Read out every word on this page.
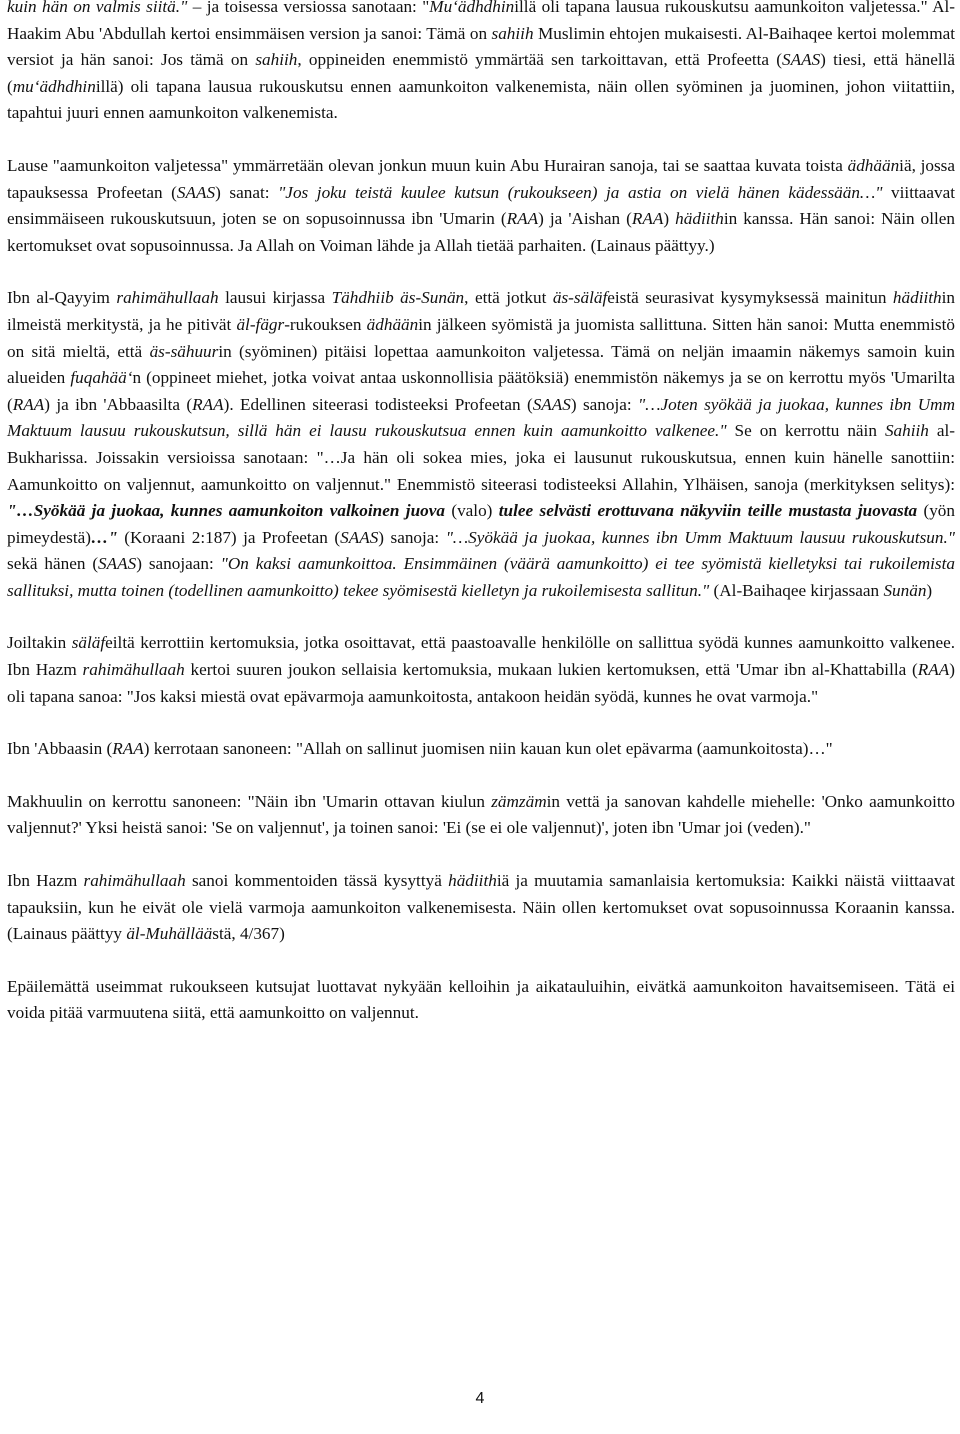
kuin hän on valmis siitä." – ja toisessa versiossa sanotaan: "Mu‘ädhdhinillä oli tapana lausua rukouskutsu aamunkoiton valjetessa." Al-Haakim Abu 'Abdullah kertoi ensimmäisen version ja sanoi: Tämä on sahiih Muslimin ehtojen mukaisesti. Al-Baihaqee kertoi molemmat versiot ja hän sanoi: Jos tämä on sahiih, oppineiden enemmistö ymmärtää sen tarkoittavan, että Profeetta (SAAS) tiesi, että hänellä (mu‘ädhdhinillä) oli tapana lausua rukouskutsu ennen aamunkoiton valkenemista, näin ollen syöminen ja juominen, johon viitattiin, tapahtui juuri ennen aamunkoiton valkenemista.

Lause "aamunkoiton valjetessa" ymmärretään olevan jonkun muun kuin Abu Hurairan sanoja, tai se saattaa kuvata toista ädhääniä, jossa tapauksessa Profeetan (SAAS) sanat: "Jos joku teistä kuulee kutsun (rukoukseen) ja astia on vielä hänen kädessään…" viittaavat ensimmäiseen rukouskutsuun, joten se on sopusoinnussa ibn 'Umarin (RAA) ja 'Aishan (RAA) hädiithin kanssa. Hän sanoi: Näin ollen kertomukset ovat sopusoinnussa. Ja Allah on Voiman lähde ja Allah tietää parhaiten. (Lainaus päättyy.)

Ibn al-Qayyim rahimähullaah lausui kirjassa Tähdhiib äs-Sunän, että jotkut äs-säläfeistä seurasivat kysymyksessä mainitun hädiithin ilmeistä merkitystä, ja he pitivät äl-fägr-rukouksen ädhäänin jälkeen syömistä ja juomista sallittuna. Sitten hän sanoi: Mutta enemmistö on sitä mieltä, että äs-sähuurin (syöminen) pitäisi lopettaa aamunkoiton valjetessa. Tämä on neljän imaamin näkemys samoin kuin alueiden fuqahää‘n (oppineet miehet, jotka voivat antaa uskonnollisia päätöksiä) enemmistön näkemys ja se on kerrottu myös 'Umarilta (RAA) ja ibn 'Abbaasilta (RAA). Edellinen siteerasi todisteeksi Profeetan (SAAS) sanoja: "…Joten syökää ja juokaa, kunnes ibn Umm Maktuum lausuu rukouskutsun, sillä hän ei lausu rukouskutsua ennen kuin aamunkoitto valkenee." Se on kerrottu näin Sahiih al-Bukharissa. Joissakin versioissa sanotaan: "…Ja hän oli sokea mies, joka ei lausunut rukouskutsua, ennen kuin hänelle sanottiin: Aamunkoitto on valjennut, aamunkoitto on valjennut." Enemmistö siteerasi todisteeksi Allahin, Ylhäisen, sanoja (merkityksen selitys): "…Syökää ja juokaa, kunnes aamunkoiton valkoinen juova (valo) tulee selvästi erottuvana näkyviin teille mustasta juovasta (yön pimeydestä)…" (Koraani 2:187) ja Profeetan (SAAS) sanoja: "…Syökää ja juokaa, kunnes ibn Umm Maktuum lausuu rukouskutsun." sekä hänen (SAAS) sanojaan: "On kaksi aamunkoittoa. Ensimmäinen (väärä aamunkoitto) ei tee syömistä kielletyksi tai rukoilemista sallituksi, mutta toinen (todellinen aamunkoitto) tekee syömisestä kielletyn ja rukoilemisesta sallitun." (Al-Baihaqee kirjassaan Sunän)

Joiltakin säläfeiltä kerrottiin kertomuksia, jotka osoittavat, että paastoavalle henkilölle on sallittua syödä kunnes aamunkoitto valkenee. Ibn Hazm rahimähullaah kertoi suuren joukon sellaisia kertomuksia, mukaan lukien kertomuksen, että 'Umar ibn al-Khattabilla (RAA) oli tapana sanoa: "Jos kaksi miestä ovat epävarmoja aamunkoitosta, antakoon heidän syödä, kunnes he ovat varmoja."

Ibn 'Abbaasin (RAA) kerrotaan sanoneen: "Allah on sallinut juomisen niin kauan kun olet epävarma (aamunkoitosta)…"

Makhuulin on kerrottu sanoneen: "Näin ibn 'Umarin ottavan kiulun zämzämin vettä ja sanovan kahdelle miehelle: 'Onko aamunkoitto valjennut?' Yksi heistä sanoi: 'Se on valjennut', ja toinen sanoi: 'Ei (se ei ole valjennut)', joten ibn 'Umar joi (veden)."

Ibn Hazm rahimähullaah sanoi kommentoiden tässä kysyttyä hädiithiä ja muutamia samanlaisia kertomuksia: Kaikki näistä viittaavat tapauksiin, kun he eivät ole vielä varmoja aamunkoiton valkenemisesta. Näin ollen kertomukset ovat sopusoinnussa Koraanin kanssa. (Lainaus päättyy äl-Muhälläästä, 4/367)

Epäilemättä useimmat rukoukseen kutsujat luottavat nykyään kelloihin ja aikatauluihin, eivätkä aamunkoiton havaitsemiseen. Tätä ei voida pitää varmuutena siitä, että aamunkoitto on valjennut.

4
